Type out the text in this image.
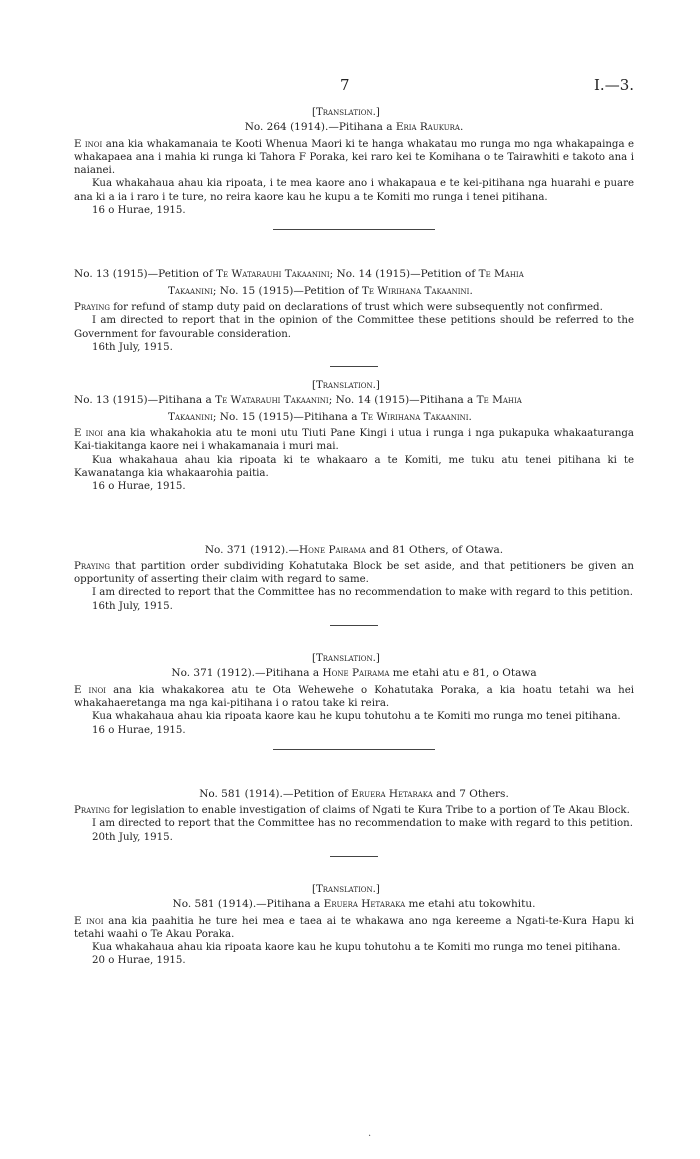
7	I.—3.

[Translation.]

No. 264 (1914).—Pitihana a Eria Raukura.

E inoi ana kia whakamanaia te Kooti Whenua Maori ki te hanga whakatau mo runga mo nga whakapainga e whakapaea ana i mahia ki runga ki Tahora F Poraka, kei raro kei te Komihana o te Tairawhiti e takoto ana i naianei.

Kua whakahaua ahau kia ripoata, i te mea kaore ano i whakapaua e te kei-pitihana nga huarahi e puare ana ki a ia i raro i te ture, no reira kaore kau he kupu a te Komiti mo runga i tenei pitihana.

16 o Hurae, 1915.

No. 13 (1915)—Petition of Te Watarauhi Takaanini; No. 14 (1915)—Petition of Te Mahia

Takaanini; No. 15 (1915)—Petition of Te Wirihana Takaanini.

Praying for refund of stamp duty paid on declarations of trust which were subsequently not confirmed.

I am directed to report that in the opinion of the Committee these petitions should be referred to the Government for favourable consideration.

16th July, 1915.

[Translation.]

No. 13 (1915)—Pitihana a Te Watarauhi Takaanini; No. 14 (1915)—Pitihana a Te Mahia

Takaanini; No. 15 (1915)—Pitihana a Te Wirihana Takaanini.

E inoi ana kia whakahokia atu te moni utu Tiuti Pane Kingi i utua i runga i nga pukapuka whakaaturanga Kai-tiakitanga kaore nei i whakamanaia i muri mai.

Kua whakahaua ahau kia ripoata ki te whakaaro a te Komiti, me tuku atu tenei pitihana ki te Kawanatanga kia whakaarohia paitia.

16 o Hurae, 1915.

No. 371 (1912).—Hone Pairama and 81 Others, of Otawa.

Praying that partition order subdividing Kohatutaka Block be set aside, and that petitioners be given an opportunity of asserting their claim with regard to same.

I am directed to report that the Committee has no recommendation to make with regard to this petition.

16th July, 1915.

[Translation.]

No. 371 (1912).—Pitihana a Hone Pairama me etahi atu e 81, o Otawa

E inoi ana kia whakakorea atu te Ota Wehewehe o Kohatutaka Poraka, a kia hoatu tetahi wa hei whakahaeretanga ma nga kai-pitihana i o ratou take ki reira.

Kua whakahaua ahau kia ripoata kaore kau he kupu tohutohu a te Komiti mo runga mo tenei pitihana.

16 o Hurae, 1915.

No. 581 (1914).—Petition of Eruera Hetaraka and 7 Others.

Praying for legislation to enable investigation of claims of Ngati te Kura Tribe to a portion of Te Akau Block.

I am directed to report that the Committee has no recommendation to make with regard to this petition.

20th July, 1915.

[Translation.]

No. 581 (1914).—Pitihana a Eruera Hetaraka me etahi atu tokowhitu.

E inoi ana kia paahitia he ture hei mea e taea ai te whakawa ano nga kereeme a Ngati-te-Kura Hapu ki tetahi waahi o Te Akau Poraka.

Kua whakahaua ahau kia ripoata kaore kau he kupu tohutohu a te Komiti mo runga mo tenei pitihana.

20 o Hurae, 1915.

.
